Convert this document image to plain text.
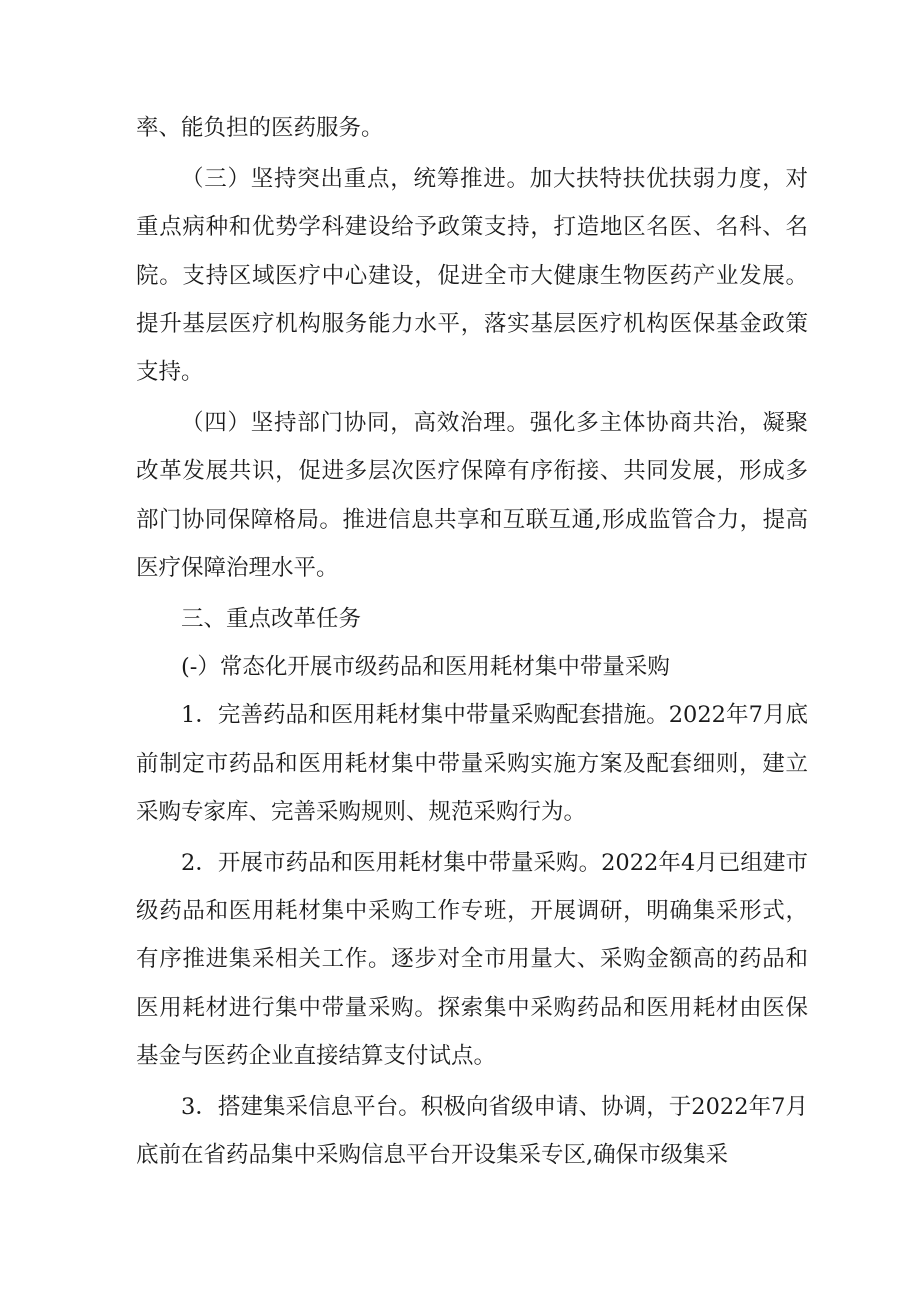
率、能负担的医药服务。

（三）坚持突出重点，统筹推进。加大扶特扶优扶弱力度，对重点病种和优势学科建设给予政策支持，打造地区名医、名科、名院。支持区域医疗中心建设，促进全市大健康生物医药产业发展。提升基层医疗机构服务能力水平，落实基层医疗机构医保基金政策支持。

（四）坚持部门协同，高效治理。强化多主体协商共治，凝聚改革发展共识，促进多层次医疗保障有序衔接、共同发展，形成多部门协同保障格局。推进信息共享和互联互通,形成监管合力，提高医疗保障治理水平。

三、重点改革任务

(-）常态化开展市级药品和医用耗材集中带量采购

1．完善药品和医用耗材集中带量采购配套措施。2022年7月底前制定市药品和医用耗材集中带量采购实施方案及配套细则，建立采购专家库、完善采购规则、规范采购行为。

2．开展市药品和医用耗材集中带量采购。2022年4月已组建市级药品和医用耗材集中采购工作专班，开展调研，明确集采形式，有序推进集采相关工作。逐步对全市用量大、采购金额高的药品和医用耗材进行集中带量采购。探索集中采购药品和医用耗材由医保基金与医药企业直接结算支付试点。

3．搭建集采信息平台。积极向省级申请、协调，于2022年7月底前在省药品集中采购信息平台开设集采专区,确保市级集采
